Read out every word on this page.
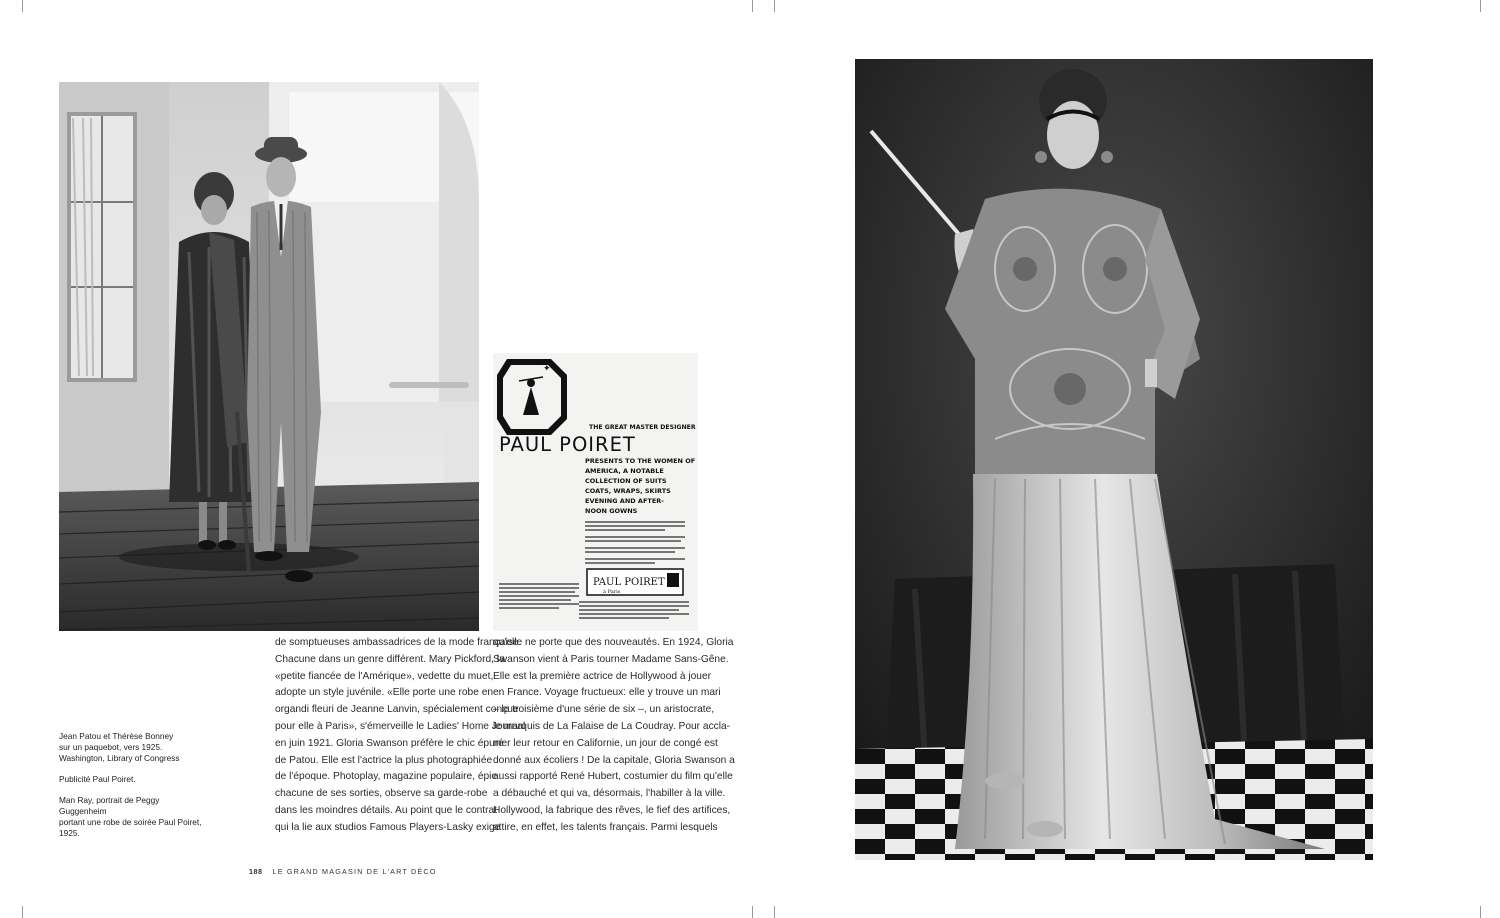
✦
THE GREAT MASTER DESIGNER
PAUL POIRET
PRESENTS TO THE WOMEN OF
AMERICA, A NOTABLE
COLLECTION OF SUITS
COATS, WRAPS, SKIRTS
EVENING AND AFTER-
NOON GOWNS
PAUL POIRET
à Paris

Jean Patou et Thérèse Bonney
sur un paquebot, vers 1925.
Washington, Library of Congress

Publicité Paul Poiret.

Man Ray, portrait de Peggy Guggenheim
portant une robe de soirée Paul Poiret,
1925.

de somptueuses ambassadrices de la mode française.
Chacune dans un genre différent. Mary Pickford, la
«petite fiancée de l'Amérique», vedette du muet,
adopte un style juvénile. «Elle porte une robe en
organdi fleuri de Jeanne Lanvin, spécialement conçue
pour elle à Paris», s'émerveille le Ladies' Home Journal
en juin 1921. Gloria Swanson préfère le chic épuré
de Patou. Elle est l'actrice la plus photographiée
de l'époque. Photoplay, magazine populaire, épie
chacune de ses sorties, observe sa garde-robe
dans les moindres détails. Au point que le contrat
qui la lie aux studios Famous Players-Lasky exige
qu'elle ne porte que des nouveautés. En 1924, Gloria
Swanson vient à Paris tourner Madame Sans-Gêne.
Elle est la première actrice de Hollywood à jouer
en France. Voyage fructueux: elle y trouve un mari
– le troisième d'une série de six –, un aristocrate,
le marquis de La Falaise de La Coudray. Pour accla-
mer leur retour en Californie, un jour de congé est
donné aux écoliers ! De la capitale, Gloria Swanson a
aussi rapporté René Hubert, costumier du film qu'elle
a débauché et qui va, désormais, l'habiller à la ville.
Hollywood, la fabrique des rêves, le fief des artifices,
attire, en effet, les talents français. Parmi lesquels
188 LE GRAND MAGASIN DE L'ART DÉCO
